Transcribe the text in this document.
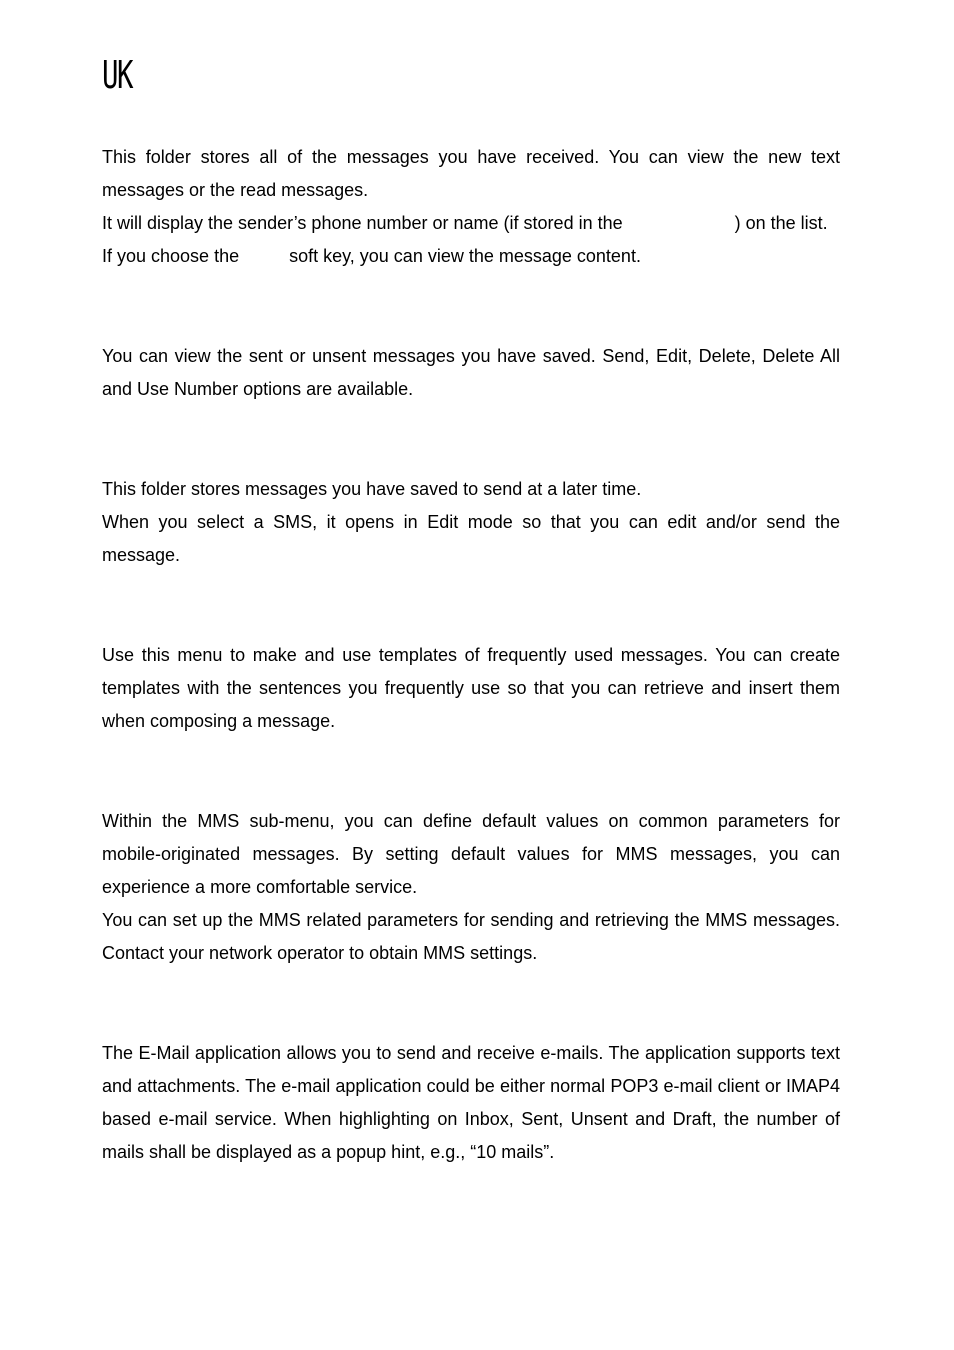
UK
This folder stores all of the messages you have received. You can view the new text messages or the read messages.
It will display the sender’s phone number or name (if stored in the	) on the list. If you choose the	soft key, you can view the message content.

You can view the sent or unsent messages you have saved. Send, Edit, Delete, Delete All and Use Number options are available.

This folder stores messages you have saved to send at a later time.

When you select a SMS, it opens in Edit mode so that you can edit and/or send the message.

Use this menu to make and use templates of frequently used messages. You can create templates with the sentences you frequently use so that you can retrieve and insert them when composing a message.

Within the MMS sub-menu, you can define default values on common parameters for mobile-originated messages. By setting default values for MMS messages, you can experience a more comfortable service.

You can set up the MMS related parameters for sending and retrieving the MMS messages. Contact your network operator to obtain MMS settings.

The E-Mail application allows you to send and receive e-mails. The application supports text and attachments. The e-mail application could be either normal POP3 e-mail client or IMAP4 based e-mail service. When highlighting on Inbox, Sent, Unsent and Draft, the number of mails shall be displayed as a popup hint, e.g., “10 mails”.
